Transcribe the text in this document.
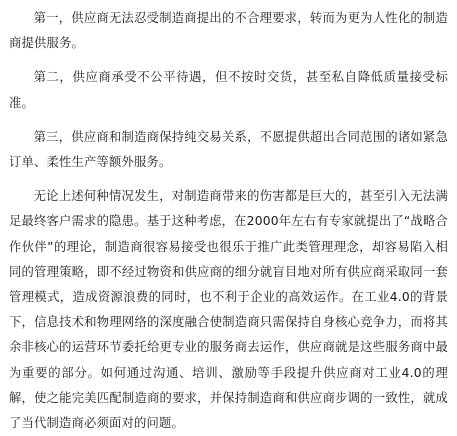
第一，供应商无法忍受制造商提出的不合理要求，转而为更为人性化的制造商提供服务。

第二，供应商承受不公平待遇，但不按时交货，甚至私自降低质量接受标准。

第三，供应商和制造商保持纯交易关系，不愿提供超出合同范围的诸如紧急订单、柔性生产等额外服务。

无论上述何种情况发生，对制造商带来的伤害都是巨大的，甚至引入无法满足最终客户需求的隐患。基于这种考虑，在2000年左右有专家就提出了“战略合作伙伴”的理论，制造商很容易接受也很乐于推广此类管理理念，却容易陷入相同的管理策略，即不经过物资和供应商的细分就盲目地对所有供应商采取同一套管理模式，造成资源浪费的同时，也不利于企业的高效运作。在工业4.0的背景下，信息技术和物理网络的深度融合使制造商只需保持自身核心竞争力，而将其余非核心的运营环节委托给更专业的服务商去运作，供应商就是这些服务商中最为重要的部分。如何通过沟通、培训、激励等手段提升供应商对工业4.0的理解，使之能完美匹配制造商的要求，并保持制造商和供应商步调的一致性，就成了当代制造商必须面对的问题。
